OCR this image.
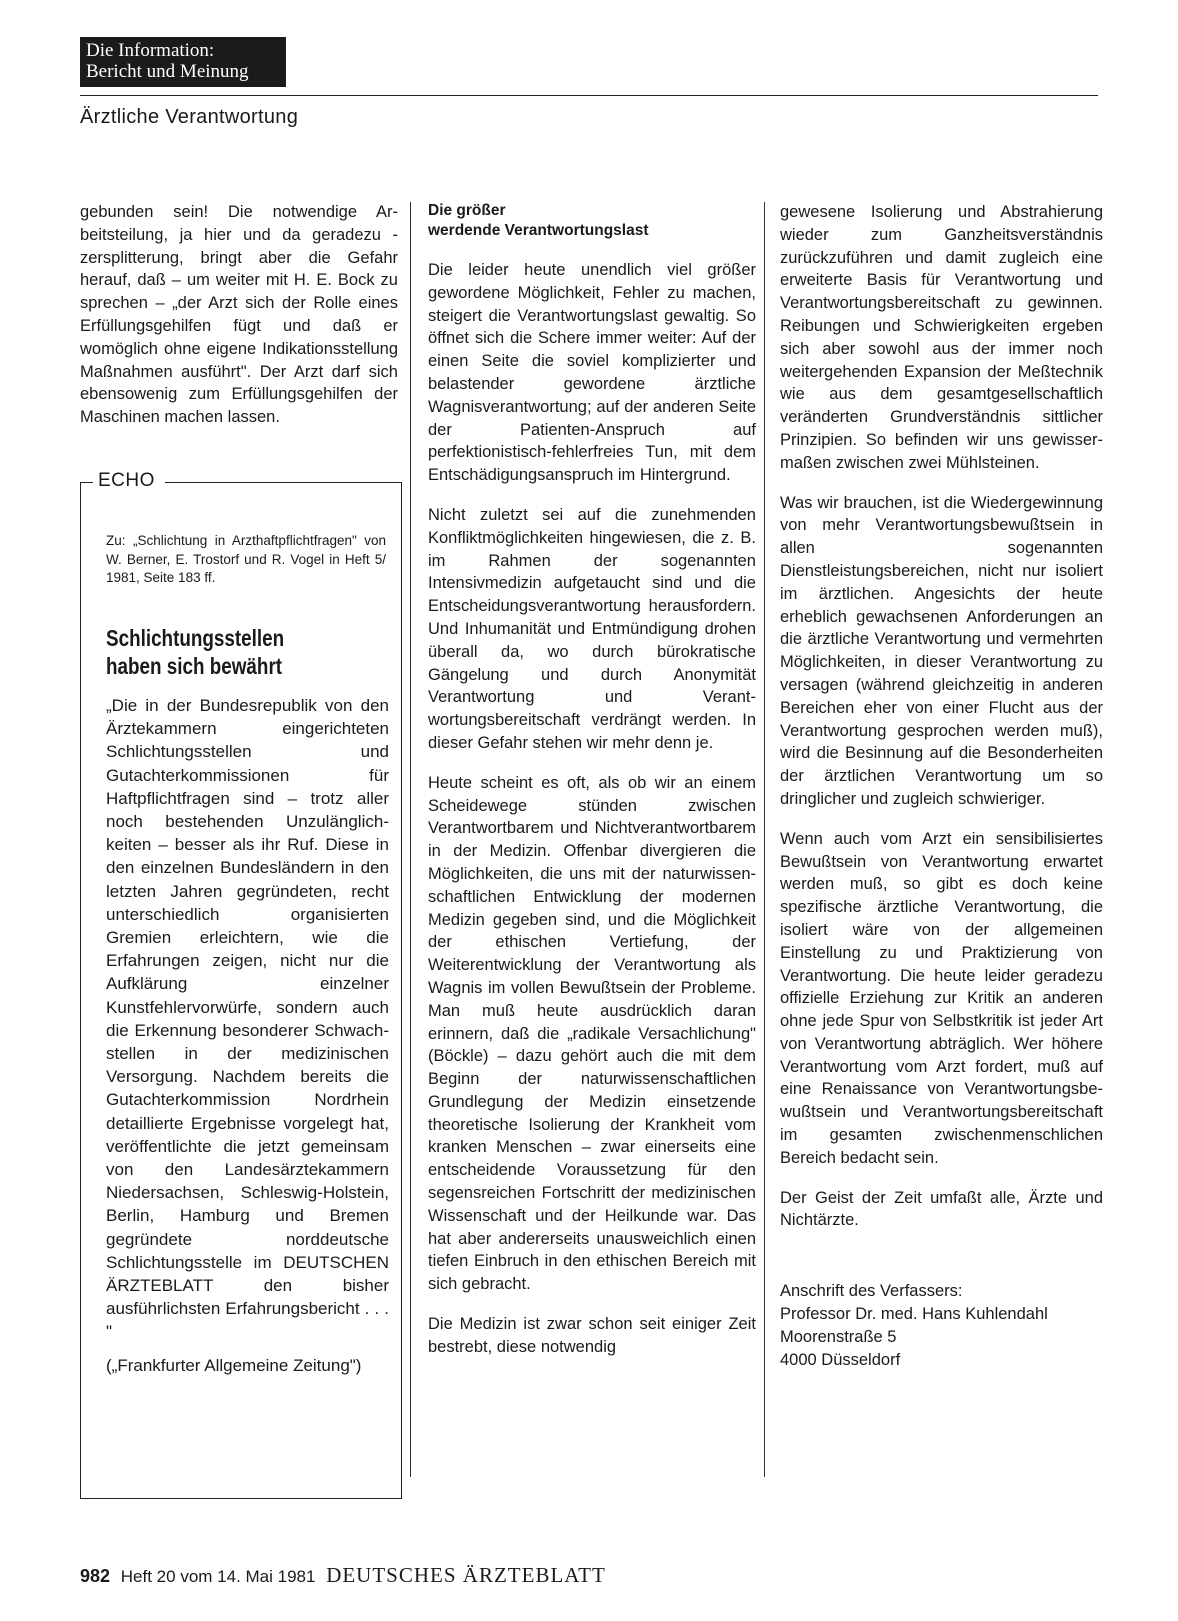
Die Information:
Bericht und Meinung
Ärztliche Verantwortung

gebunden sein! Die notwendige Arbeitsteilung, ja hier und da geradezu -zersplitterung, bringt aber die Gefahr herauf, daß – um weiter mit H. E. Bock zu sprechen – „der Arzt sich der Rolle eines Erfüllungsgehilfen fügt und daß er womöglich ohne eigene Indikationsstellung Maßnahmen ausführt". Der Arzt darf sich ebensowenig zum Erfüllungsgehilfen der Maschinen machen lassen.

ECHO

Zu: „Schlichtung in Arzthaftpflichtfragen" von W. Berner, E. Trostorf und R. Vogel in Heft 5/ 1981, Seite 183 ff.

Schlichtungsstellen
haben sich bewährt

„Die in der Bundesrepublik von den Ärztekammern eingerichteten Schlichtungsstellen und Gutachterkommissionen für Haftpflichtfragen sind – trotz aller noch bestehenden Unzulänglichkeiten – besser als ihr Ruf. Diese in den einzelnen Bundesländern in den letzten Jahren gegründeten, recht unterschiedlich organisierten Gremien erleichtern, wie die Erfahrungen zeigen, nicht nur die Aufklärung einzelner Kunstfehlervorwürfe, sondern auch die Erkennung besonderer Schwachstellen in der medizinischen Versorgung. Nachdem bereits die Gutachterkommission Nordrhein detaillierte Ergebnisse vorgelegt hat, veröffentlichte die jetzt gemeinsam von den Landesärztekammern Niedersachsen, Schleswig-Holstein, Berlin, Hamburg und Bremen gegründete norddeutsche Schlichtungsstelle im DEUTSCHEN ÄRZTEBLATT den bisher ausführlichsten Erfahrungsbericht . . . "

(„Frankfurter Allgemeine Zeitung")

Die größer
werdende Verantwortungslast

Die leider heute unendlich viel größer gewordene Möglichkeit, Fehler zu machen, steigert die Verantwortungslast gewaltig. So öffnet sich die Schere immer weiter: Auf der einen Seite die soviel komplizierter und belastender gewordene ärztliche Wagnisverantwortung; auf der anderen Seite der Patienten-Anspruch auf perfektionistisch-fehlerfreies Tun, mit dem Entschädigungsanspruch im Hintergrund.

Nicht zuletzt sei auf die zunehmenden Konfliktmöglichkeiten hingewiesen, die z. B. im Rahmen der sogenannten Intensivmedizin aufgetaucht sind und die Entscheidungsverantwortung herausfordern. Und Inhumanität und Entmündigung drohen überall da, wo durch bürokratische Gängelung und durch Anonymität Verantwortung und Verantwortungsbereitschaft verdrängt werden. In dieser Gefahr stehen wir mehr denn je.

Heute scheint es oft, als ob wir an einem Scheidewege stünden zwischen Verantwortbarem und Nichtverantwortbarem in der Medizin. Offenbar divergieren die Möglichkeiten, die uns mit der naturwissenschaftlichen Entwicklung der modernen Medizin gegeben sind, und die Möglichkeit der ethischen Vertiefung, der Weiterentwicklung der Verantwortung als Wagnis im vollen Bewußtsein der Probleme. Man muß heute ausdrücklich daran erinnern, daß die „radikale Versachlichung" (Böckle) – dazu gehört auch die mit dem Beginn der naturwissenschaftlichen Grundlegung der Medizin einsetzende theoretische Isolierung der Krankheit vom kranken Menschen – zwar einerseits eine entscheidende Voraussetzung für den segensreichen Fortschritt der medizinischen Wissenschaft und der Heilkunde war. Das hat aber andererseits unausweichlich einen tiefen Einbruch in den ethischen Bereich mit sich gebracht.

Die Medizin ist zwar schon seit einiger Zeit bestrebt, diese notwendig

gewesene Isolierung und Abstrahierung wieder zum Ganzheitsverständnis zurückzuführen und damit zugleich eine erweiterte Basis für Verantwortung und Verantwortungsbereitschaft zu gewinnen. Reibungen und Schwierigkeiten ergeben sich aber sowohl aus der immer noch weitergehenden Expansion der Meßtechnik wie aus dem gesamtgesellschaftlich veränderten Grundverständnis sittlicher Prinzipien. So befinden wir uns gewissermaßen zwischen zwei Mühlsteinen.

Was wir brauchen, ist die Wiedergewinnung von mehr Verantwortungsbewußtsein in allen sogenannten Dienstleistungsbereichen, nicht nur isoliert im ärztlichen. Angesichts der heute erheblich gewachsenen Anforderungen an die ärztliche Verantwortung und vermehrten Möglichkeiten, in dieser Verantwortung zu versagen (während gleichzeitig in anderen Bereichen eher von einer Flucht aus der Verantwortung gesprochen werden muß), wird die Besinnung auf die Besonderheiten der ärztlichen Verantwortung um so dringlicher und zugleich schwieriger.

Wenn auch vom Arzt ein sensibilisiertes Bewußtsein von Verantwortung erwartet werden muß, so gibt es doch keine spezifische ärztliche Verantwortung, die isoliert wäre von der allgemeinen Einstellung zu und Praktizierung von Verantwortung. Die heute leider geradezu offizielle Erziehung zur Kritik an anderen ohne jede Spur von Selbstkritik ist jeder Art von Verantwortung abträglich. Wer höhere Verantwortung vom Arzt fordert, muß auf eine Renaissance von Verantwortungsbewußtsein und Verantwortungsbereitschaft im gesamten zwischenmenschlichen Bereich bedacht sein.

Der Geist der Zeit umfaßt alle, Ärzte und Nichtärzte.

Anschrift des Verfassers:
Professor Dr. med. Hans Kuhlendahl
Moorenstraße 5
4000 Düsseldorf
982 Heft 20 vom 14. Mai 1981 DEUTSCHES ÄRZTEBLATT
